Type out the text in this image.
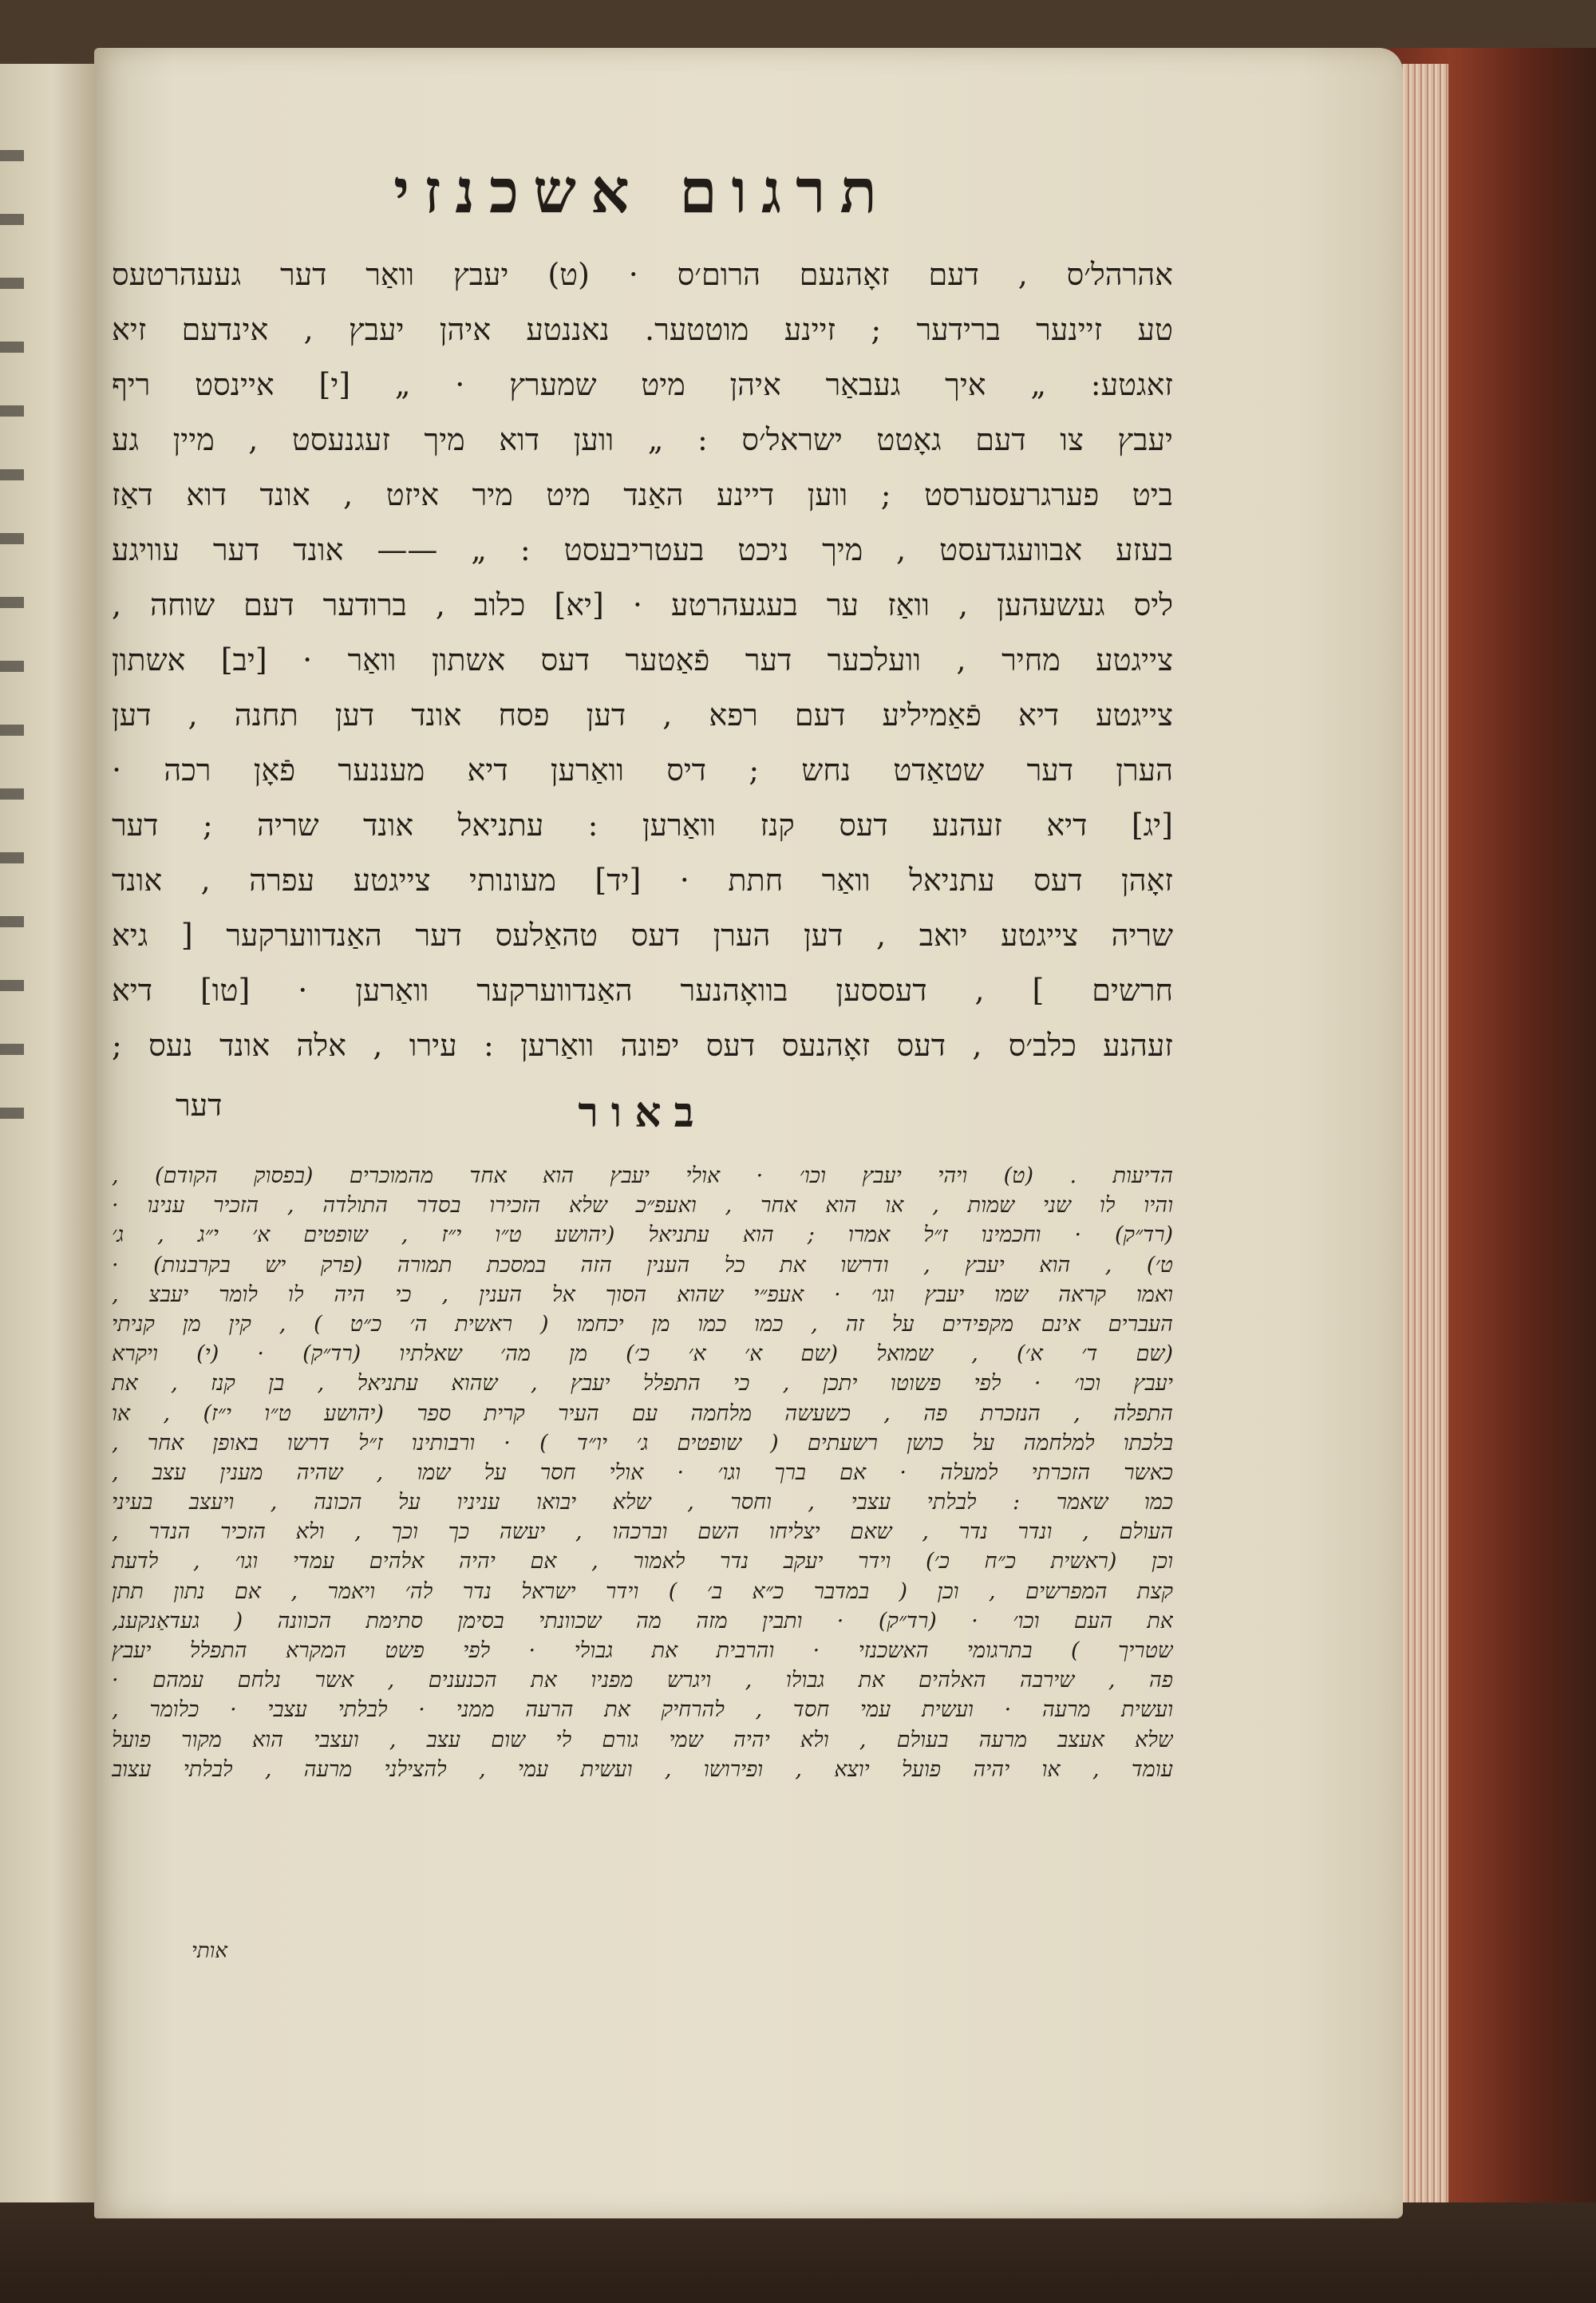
תרגום אשכנזי
אהרהל׳ס , דעם זאָהנעם הרום׳ס · (ט) יעבץ וואַר דער געעהרטעס
טע זיינער ברידער ; זיינע מוטטער. נאננטע איהן יעבץ , אינדעם זיא
זאגטע: „ איך געבאַר איהן מיט שמערץ · „ [י] איינסט ריף
יעבץ צו דעם גאָטט ישראל׳ס : „ ווען דוא מיך זעגנעסט , מיין גע
ביט פערגרעסערסט ; ווען דיינע האַנד מיט מיר איזט , אונד דוא דאַז
בעזע אבוועגדעסט , מיך ניכט בעטריבעסט : „ —— אונד דער עוויגע
ליס געשעהען , וואַז ער בעגעהרטע · [יא] כלוב , ברודער דעם שוחה ,
צייגטע מחיר , וועלכער דער פֿאַטער דעס אשתון וואַר · [יב] אשתון
צייגטע דיא פֿאַמיליע דעם רפא , דען פסח אונד דען תחנה , דען
הערן דער שטאַדט נחש ; דיס וואַרען דיא מעננער פֿאָן רכה ·
[יג] דיא זעהנע דעס קנז וואַרען : עתניאל אונד שריה ; דער
זאָהן דעס עתניאל וואַר חתת · [יד] מעונותי צייגטע עפרה , אונד
שריה צייגטע יואב , דען הערן דעס טהאַלעס דער האַנדווערקער [ גיא
חרשים ] , דעססען בוואָהנער האַנדווערקער וואַרען · [טו] דיא
זעהנע כלב׳ס , דעס זאָהנעס דעס יפונה וואַרען : עירו , אלה אונד נעס ;
באור
דער
הדיעות . (ט) ויהי יעבץ וכו׳ · אולי יעבץ הוא אחד מהמוכרים (בפסוק הקודם) ,
והיו לו שני שמות , או הוא אחר , ואעפ״כ שלא הזכירו בסדר התולדה , הזכיר ענינו ·
(רד״ק) · וחכמינו ז״ל אמרו ; הוא עתניאל (יהושע ט״ו י״ז , שופטים א׳ י״ג , ג׳
ט׳) , הוא יעבץ , ודרשו את כל הענין הזה במסכת תמורה (פרק יש בקרבנות) ·
ואמו קראה שמו יעבץ וגו׳ · אעפ״י שהוא הסוך אל הענין , כי היה לו לומר יעבצ ,
העברים אינם מקפידים על זה , כמו כמו מן יכחמו ( ראשית ה׳ כ״ט ) , קין מן קניתי
(שם ד׳ א׳) , שמואל (שם א׳ א׳ כ׳) מן מה׳ שאלתיו (רד״ק) · (י) ויקרא
יעבץ וכו׳ · לפי פשוטו יתכן , כי התפלל יעבץ , שהוא עתניאל , בן קנז , את
התפלה , הנזכרת פה , כשעשה מלחמה עם העיר קרית ספר (יהושע ט״ו י״ז) , או
בלכתו למלחמה על כושן רשעתים ( שופטים ג׳ יו״ד ) · ורבותינו ז״ל דרשו באופן אחר ,
כאשר הזכרתי למעלה · אם ברך וגו׳ · אולי חסר על שמו , שהיה מענין עצב ,
כמו שאמר : לבלתי עצבי , וחסר , שלא יבואו עניניו על הכונה , ויעצב בעיני
העולם , ונדר נדר , שאם יצליחו השם וברכהו , יעשה כך וכך , ולא הזכיר הנדר ,
וכן (ראשית כ״ח כ׳) וידר יעקב נדר לאמור , אם יהיה אלהים עמדי וגו׳ , לדעת
קצת המפרשים , וכן ( במדבר כ״א ב׳ ) וידר ישראל נדר לה׳ ויאמר , אם נתון תתן
את העם וכו׳ · (רד״ק) · ותבין מזה מה שכוונתי בסימן סתימת הכוונה ( געדאַנקענ,
שטריך ) בתרגומי האשכנזי · והרבית את גבולי · לפי פשט המקרא התפלל יעבץ
פה , שירבה האלהים את גבולו , ויגרש מפניו את הכנענים , אשר נלחם עמהם ·
ועשית מרעה · ועשית עמי חסד , להרחיק את הרעה ממני · לבלתי עצבי · כלומר ,
שלא אעצב מרעה בעולם , ולא יהיה שמי גורם לי שום עצב , ועצבי הוא מקור פועל
עומד , או יהיה פועל יוצא , ופירושו , ועשית עמי , להצילני מרעה , לבלתי עצוב
אותי
